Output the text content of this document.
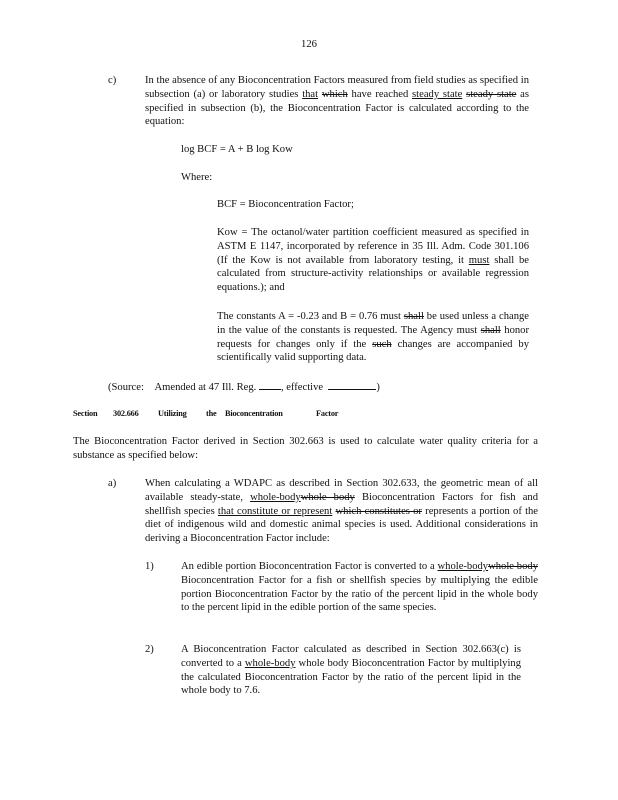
126
c)	In the absence of any Bioconcentration Factors measured from field studies as specified in subsection (a) or laboratory studies that which have reached steady state steady state as specified in subsection (b), the Bioconcentration Factor is calculated according to the equation:
log BCF = A + B log Kow
Where:
BCF = Bioconcentration Factor;
Kow = The octanol/water partition coefficient measured as specified in ASTM E 1147, incorporated by reference in 35 Ill. Adm. Code 301.106 (If the Kow is not available from laboratory testing, it must shall be calculated from structure-activity relationships or available regression equations.); and
The constants A = -0.23 and B = 0.76 must shall be used unless a change in the value of the constants is requested. The Agency must shall honor requests for changes only if the such changes are accompanied by scientifically valid supporting data.
(Source: Amended at 47 Ill. Reg. , effective	)
Section 302.666 Utilizing the Bioconcentration	Factor
The Bioconcentration Factor derived in Section 302.663 is used to calculate water quality criteria for a substance as specified below:
a)	When calculating a WDAPC as described in Section 302.633, the geometric mean of all available steady-state, whole-bodywhole body Bioconcentration Factors for fish and shellfish species that constitute or represent which constitutes or represents a portion of the diet of indigenous wild and domestic animal species is used. Additional considerations in deriving a Bioconcentration Factor include:
1)	An edible portion Bioconcentration Factor is converted to a whole-bodywhole body Bioconcentration Factor for a fish or shellfish species by multiplying the edible portion Bioconcentration Factor by the ratio of the percent lipid in the whole body to the percent lipid in the edible portion of the same species.
2)	A Bioconcentration Factor calculated as described in Section 302.663(c) is converted to a whole-body whole body Bioconcentration Factor by multiplying the calculated Bioconcentration Factor by the ratio of the percent lipid in the whole body to 7.6.
